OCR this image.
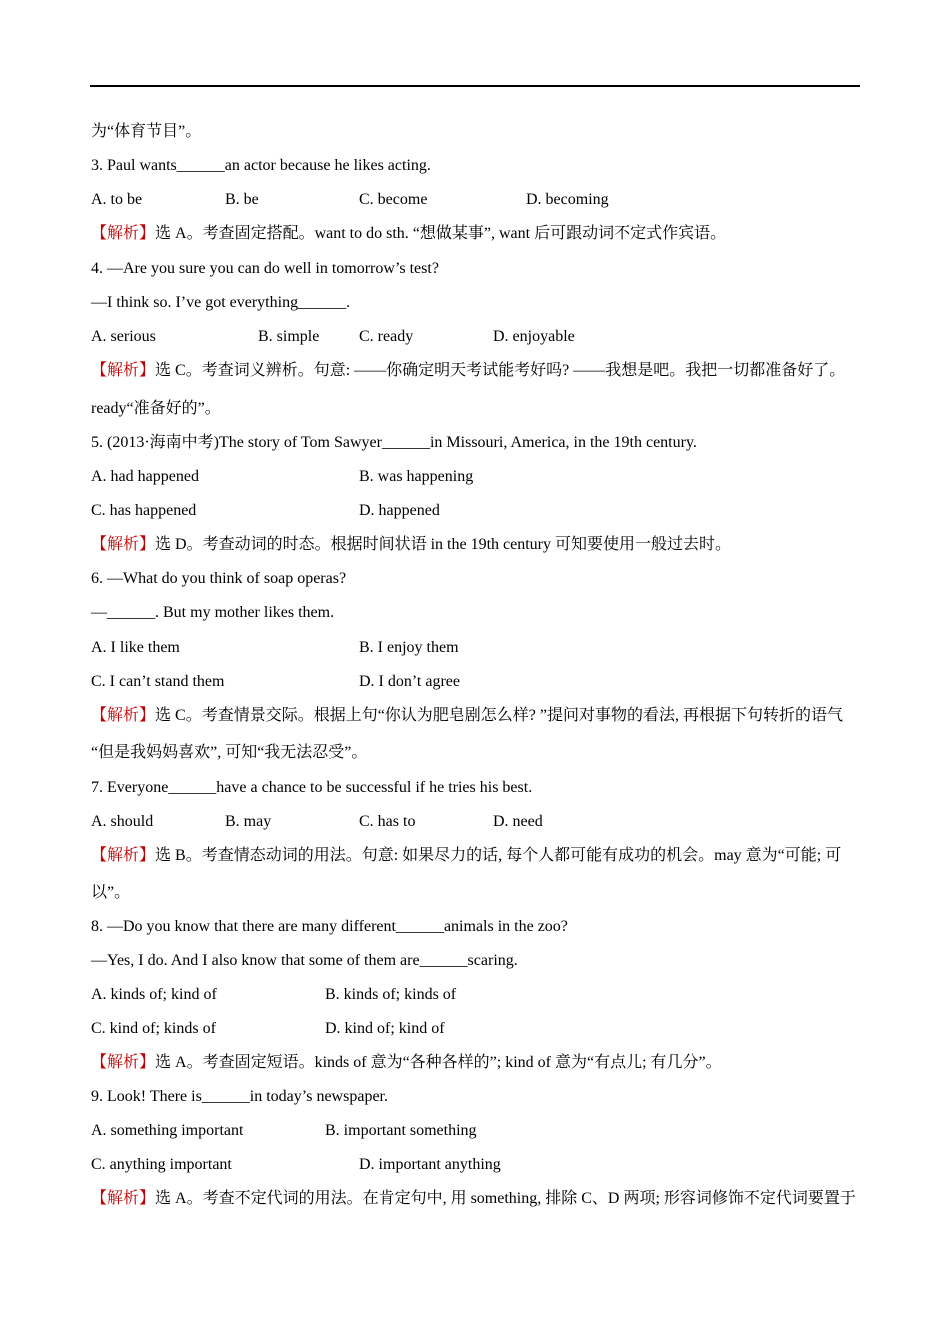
为“体育节目”。
3. Paul wants______an actor because he likes acting.
A. to be	B. be	C. become	D. becoming
【解析】选 A。考查固定搭配。want to do sth. “想做某事”, want 后可跟动词不定式作宾语。
4. —Are you sure you can do well in tomorrow’s test?
—I think so. I’ve got everything______.
A. serious	B. simple C. ready	D. enjoyable
【解析】选 C。考查词义辨析。句意: ——你确定明天考试能考好吗? ——我想是吧。我把一切都准备好了。
ready“准备好的”。
5. (2013·海南中考)The story of Tom Sawyer______in Missouri, America, in the 19th century.
A. had happened	B. was happening
C. has happened	D. happened
【解析】选 D。考查动词的时态。根据时间状语 in the 19th century 可知要使用一般过去时。
6. —What do you think of soap operas?
—______. But my mother likes them.
A. I like them	B. I enjoy them
C. I can’t stand them	D. I don’t agree
【解析】选 C。考查情景交际。根据上句“你认为肥皂剧怎么样? ”提问对事物的看法, 再根据下句转折的语气
“但是我妈妈喜欢”, 可知“我无法忍受”。
7. Everyone______have a chance to be successful if he tries his best.
A. should	B. may	C. has to	D. need
【解析】选 B。考查情态动词的用法。句意: 如果尽力的话, 每个人都可能有成功的机会。may 意为“可能; 可
以”。
8. —Do you know that there are many different______animals in the zoo?
—Yes, I do. And I also know that some of them are______scaring.
A. kinds of; kind of	B. kinds of; kinds of
C. kind of; kinds of	D. kind of; kind of
【解析】选 A。考查固定短语。kinds of 意为“各种各样的”; kind of 意为“有点儿; 有几分”。
9. Look! There is______in today’s newspaper.
A. something important	B. important something
C. anything important	D. important anything
【解析】选 A。考查不定代词的用法。在肯定句中, 用 something, 排除 C、D 两项; 形容词修饰不定代词要置于
